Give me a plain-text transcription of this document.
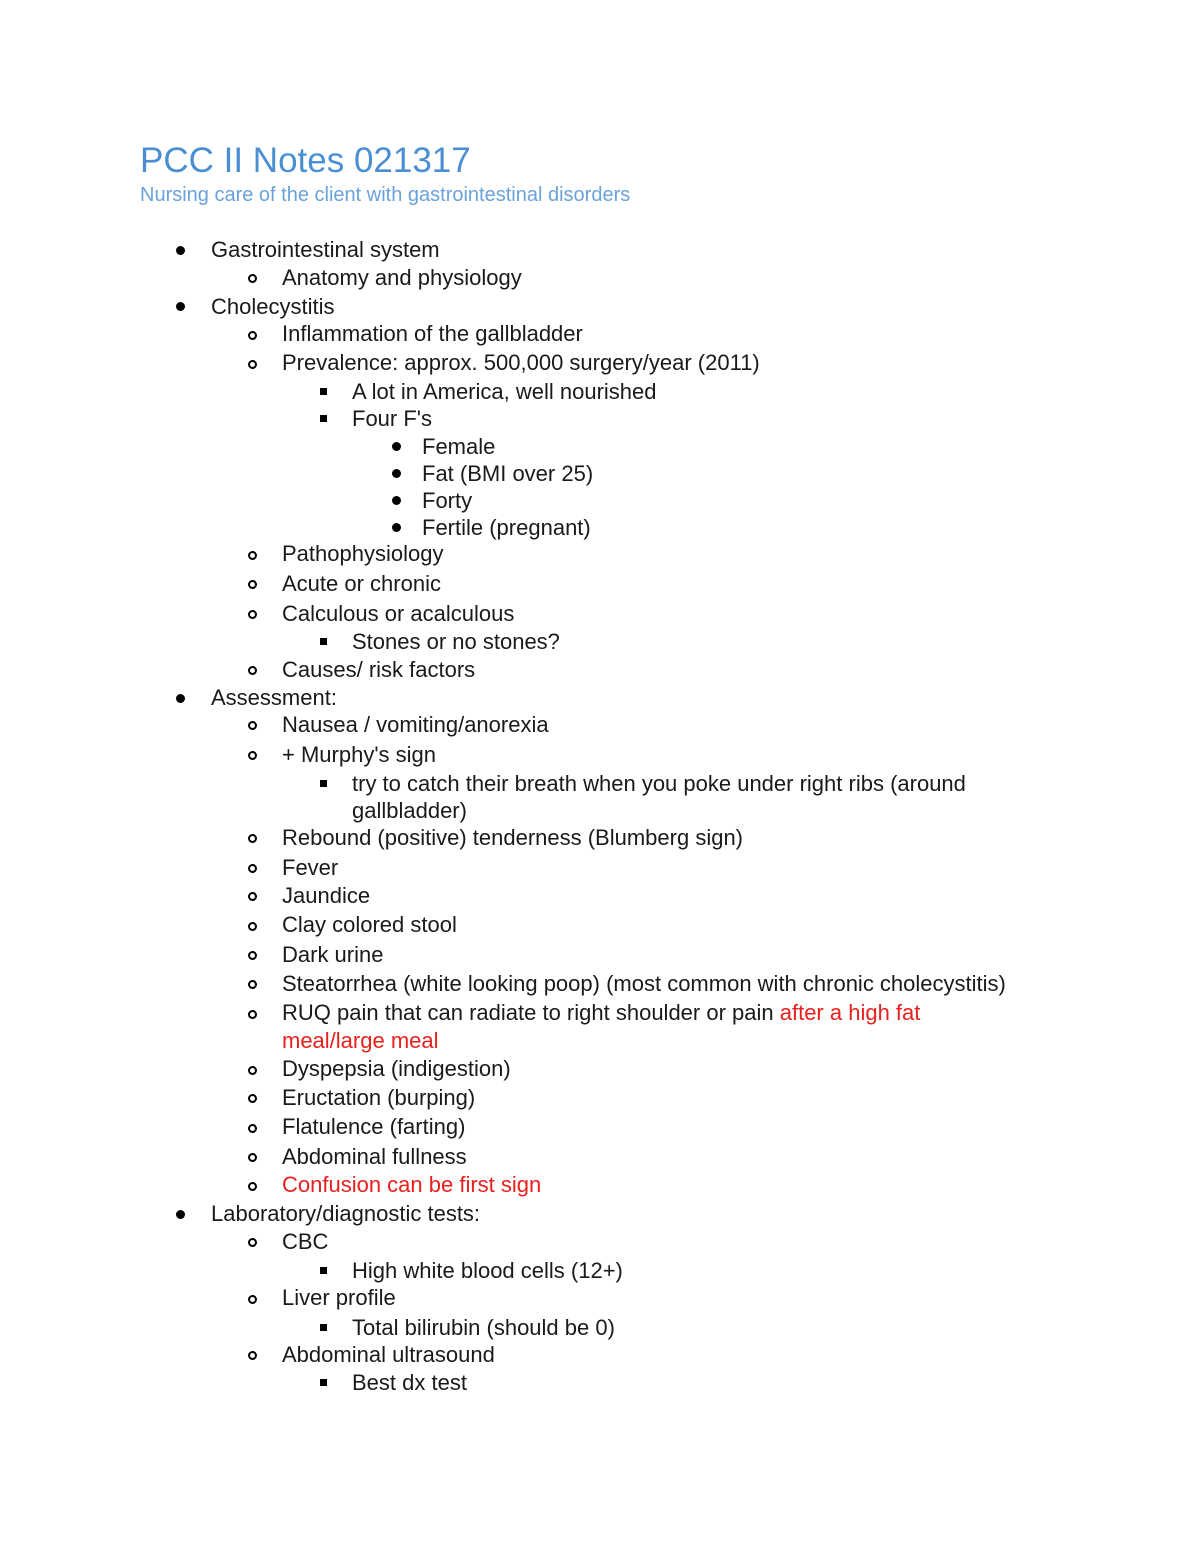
PCC II Notes 021317
Nursing care of the client with gastrointestinal disorders
Gastrointestinal system
Anatomy and physiology
Cholecystitis
Inflammation of the gallbladder
Prevalence: approx. 500,000 surgery/year (2011)
A lot in America, well nourished
Four F's
Female
Fat (BMI over 25)
Forty
Fertile (pregnant)
Pathophysiology
Acute or chronic
Calculous or acalculous
Stones or no stones?
Causes/ risk factors
Assessment:
Nausea / vomiting/anorexia
+ Murphy's sign
try to catch their breath when you poke under right ribs (around
gallbladder)
Rebound (positive) tenderness (Blumberg sign)
Fever
Jaundice
Clay colored stool
Dark urine
Steatorrhea (white looking poop) (most common with chronic cholecystitis)
RUQ pain that can radiate to right shoulder or pain after a high fat
meal/large meal
Dyspepsia (indigestion)
Eructation (burping)
Flatulence (farting)
Abdominal fullness
Confusion can be first sign
Laboratory/diagnostic tests:
CBC
High white blood cells (12+)
Liver profile
Total bilirubin (should be 0)
Abdominal ultrasound
Best dx test
